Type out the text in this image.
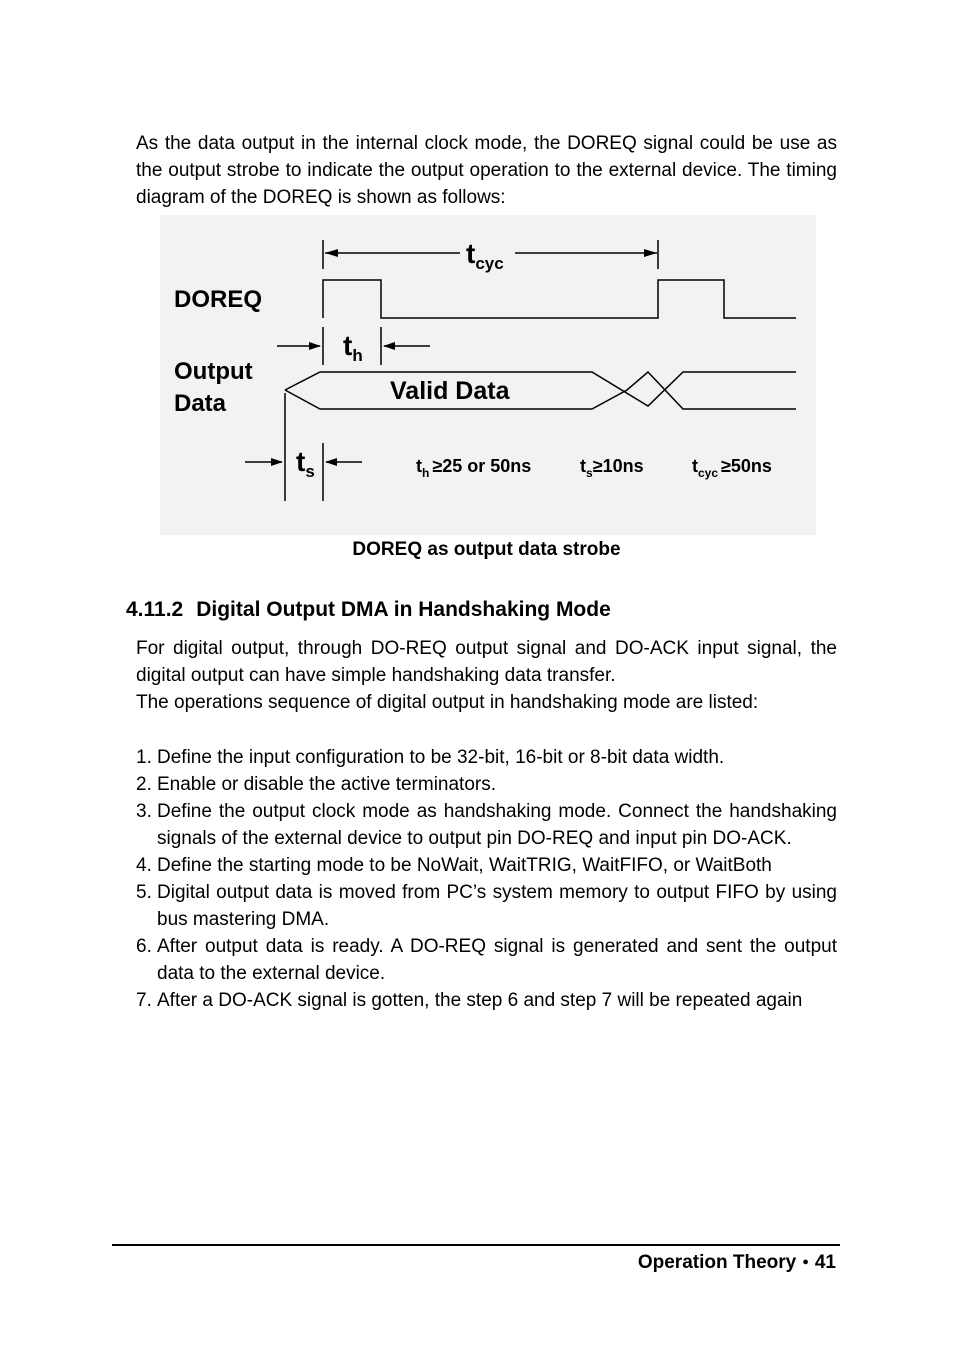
As the data output in the internal clock mode, the DOREQ signal could be use as the output strobe to indicate the output operation to the external device. The timing diagram of the DOREQ is shown as follows:

DOREQ
Output
Data	Valid Data
$t_{cyc}$
$t_h$
$t_s$	$t_h \ge 25$ or 50ns	$t_s\ge 10ns$	$t_{cyc} \ge 50ns$
DOREQ as output data strobe
4.11.2 Digital Output DMA in Handshaking Mode

For digital output, through DO-REQ output signal and DO-ACK input signal, the digital output can have simple handshaking data transfer.

The operations sequence of digital output in handshaking mode are listed:

1. Define the input configuration to be 32-bit, 16-bit or 8-bit data width.
2. Enable or disable the active terminators.
3. Define the output clock mode as handshaking mode. Connect the handshaking signals of the external device to output pin DO-REQ and input pin DO-ACK.
4. Define the starting mode to be NoWait, WaitTRIG, WaitFIFO, or WaitBoth
5. Digital output data is moved from PC’s system memory to output FIFO by using bus mastering DMA.
6. After output data is ready. A DO-REQ signal is generated and sent the output data to the external device.
7. After a DO-ACK signal is gotten, the step 6 and step 7 will be repeated again
Operation Theory ● 41
